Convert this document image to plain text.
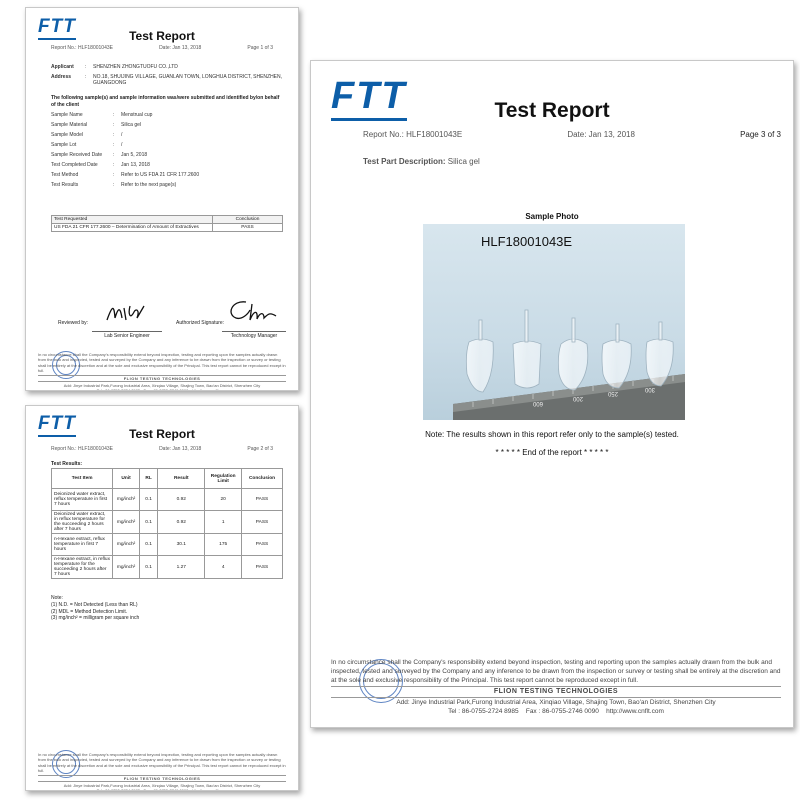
FTT	Test Report
Report No.: HLF18001043E	Date: Jan 13, 2018	Page 1 of 3
Applicant	:	SHENZHEN ZHONGTUOFU CO.,LTD
Address	:	NO.18, SHUIJING VILLAGE, GUANLAN TOWN, LONGHUA DISTRICT, SHENZHEN, GUANGDONG
The following sample(s) and sample information was/were submitted and identified by/on behalf of the client
Sample Name	:	Menstrual cup
Sample Material	:	Silica gel
Sample Model	:	/
Sample Lot	:	/
Sample Received Date	:	Jan 5, 2018
Test Completed Date	:	Jan 13, 2018
Test Method	:	Refer to US FDA 21 CFR 177.2600
Test Results	:	Refer to the next page(s)
Test Requested	Conclusion
US FDA 21 CFR 177.2600 – Determination of Amount of Extractives	PASS
Reviewed by:
Lab Senior Engineer
Authorized Signature:
Technology Manager
In no circumstance shall the Company's responsibility extend beyond inspection, testing and reporting upon the samples actually drawn from the bulk and inspected, tested and surveyed by the Company and any inference to be drawn from the inspection or survey or testing shall be entirely at the discretion and at the sole and exclusive responsibility of the Principal. This test report cannot be reproduced except in full.
FLION TESTING TECHNOLOGIES
Add: Jinye Industrial Park,Furong Industrial Area, Xinqiao Village, Shajing Town, Bao'an District, Shenzhen City
Tel : 86-0755-2724 8985 Fax : 86-0755-2746 0090 http://www.cnflt.com
FTT	Test Report
Report No.: HLF18001043E	Date: Jan 13, 2018	Page 2 of 3
Test Results:
Test Item	Unit	RL	Result	Regulation Limit	Conclusion
Deionized water extract, reflux temperature in first 7 hours	mg/inch²	0.1	0.92	20	PASS
Deionized water extract, in reflux temperature for the succeeding 2 hours after 7 hours	mg/inch²	0.1	0.92	1	PASS
n-Hexane extract, reflux temperature in first 7 hours	mg/inch²	0.1	30.1	175	PASS
n-Hexane extract, in reflux temperature for the succeeding 2 hours after 7 hours	mg/inch²	0.1	1.27	4	PASS
Note:
(1) N.D. = Not Detected (Less than RL)
(2) MDL = Method Detection Limit.
(3) mg/inch² = milligram per square inch
In no circumstance shall the Company's responsibility extend beyond inspection, testing and reporting upon the samples actually drawn from the bulk and inspected, tested and surveyed by the Company and any inference to be drawn from the inspection or survey or testing shall be entirely at the discretion and at the sole and exclusive responsibility of the Principal. This test report cannot be reproduced except in full.
FLION TESTING TECHNOLOGIES
Add: Jinye Industrial Park,Furong Industrial Area, Xinqiao Village, Shajing Town, Bao'an District, Shenzhen City
Tel : 86-0755-2724 8985 Fax : 86-0755-2746 0090 http://www.cnflt.com
FTT	Test Report
Report No.: HLF18001043E	Date: Jan 13, 2018	Page 3 of 3
Test Part Description: Silica gel
Sample Photo
HLF18001043E
600
200
250
300
Note: The results shown in this report refer only to the sample(s) tested.
* * * * * End of the report * * * * *
In no circumstance shall the Company's responsibility extend beyond inspection, testing and reporting upon the samples actually drawn from the bulk and inspected, tested and surveyed by the Company and any inference to be drawn from the inspection or survey or testing shall be entirely at the discretion and at the sole and exclusive responsibility of the Principal. This test report cannot be reproduced except in full.
FLION TESTING TECHNOLOGIES
Add: Jinye Industrial Park,Furong Industrial Area, Xinqiao Village, Shajing Town, Bao'an District, Shenzhen City
Tel : 86-0755-2724 8985 Fax : 86-0755-2746 0090 http://www.cnflt.com
